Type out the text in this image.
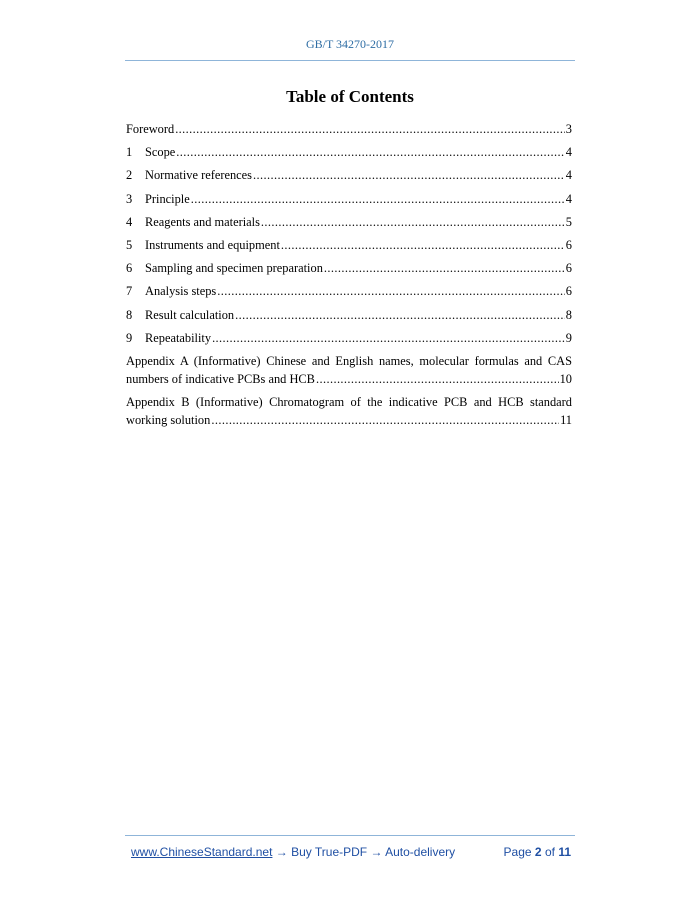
GB/T 34270-2017
Table of Contents
Foreword .....	3
1	Scope .....	4
2	Normative references .....	4
3	Principle .....	4
4	Reagents and materials .....	5
5	Instruments and equipment .....	6
6	Sampling and specimen preparation .....	6
7	Analysis steps .....	6
8	Result calculation .....	8
9	Repeatability .....	9
Appendix A (Informative) Chinese and English names, molecular formulas and CAS
numbers of indicative PCBs and HCB .....	10
Appendix B (Informative) Chromatogram of the indicative PCB and HCB standard
working solution .....	11
www.ChineseStandard.net → Buy True-PDF → Auto-delivery	Page 2 of 11
